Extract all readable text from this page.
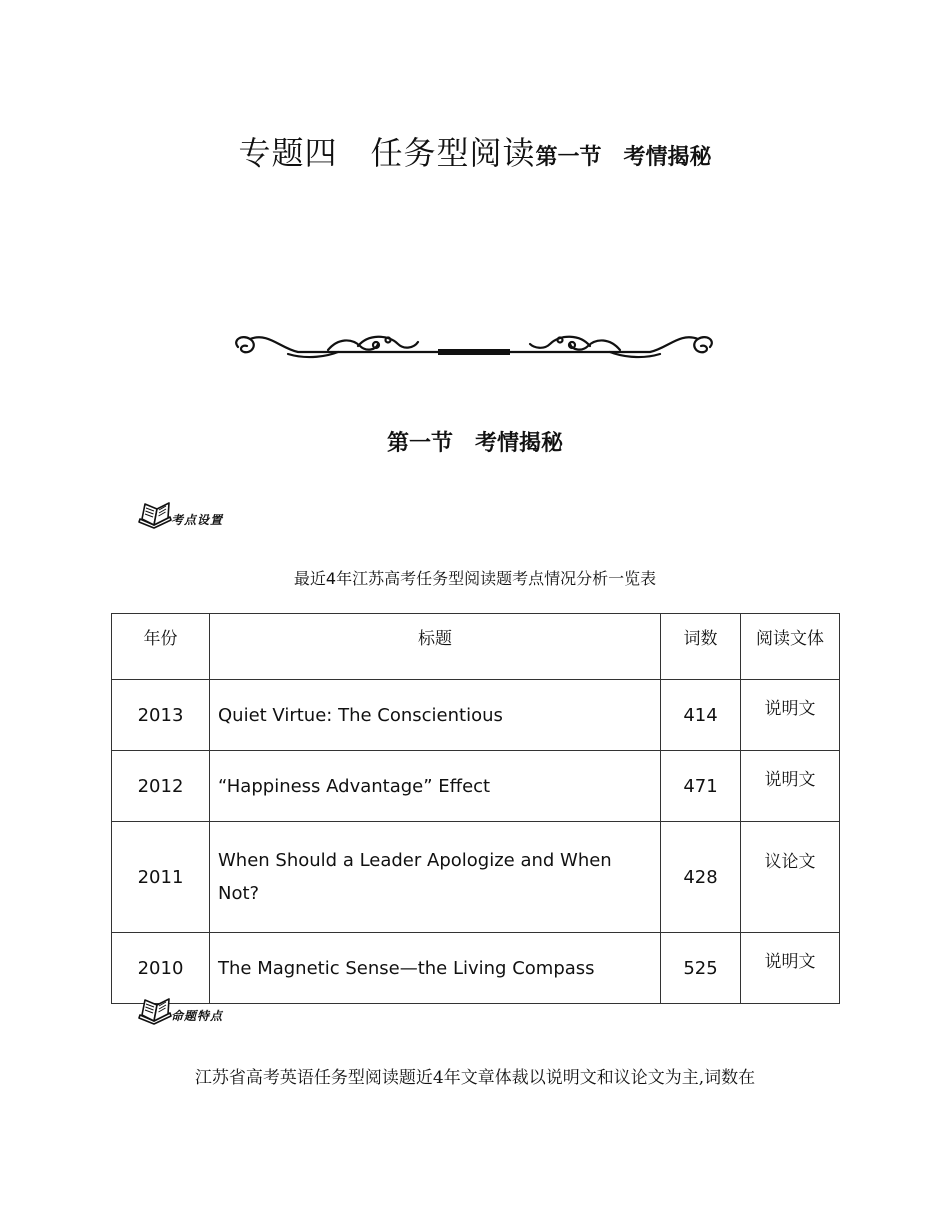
专题四　任务型阅读第一节　考情揭秘
第一节　考情揭秘
考点设置
最近4年江苏高考任务型阅读题考点情况分析一览表
年份	标题	词数	阅读文体
2013	Quiet Virtue: The Conscientious	414	说明文
2012	“Happiness Advantage” Effect	471	说明文
2011	When Should a Leader Apologize and When Not?	428	议论文
2010	The Magnetic Sense—the Living Compass	525	说明文
命题特点
江苏省高考英语任务型阅读题近4年文章体裁以说明文和议论文为主,词数在
